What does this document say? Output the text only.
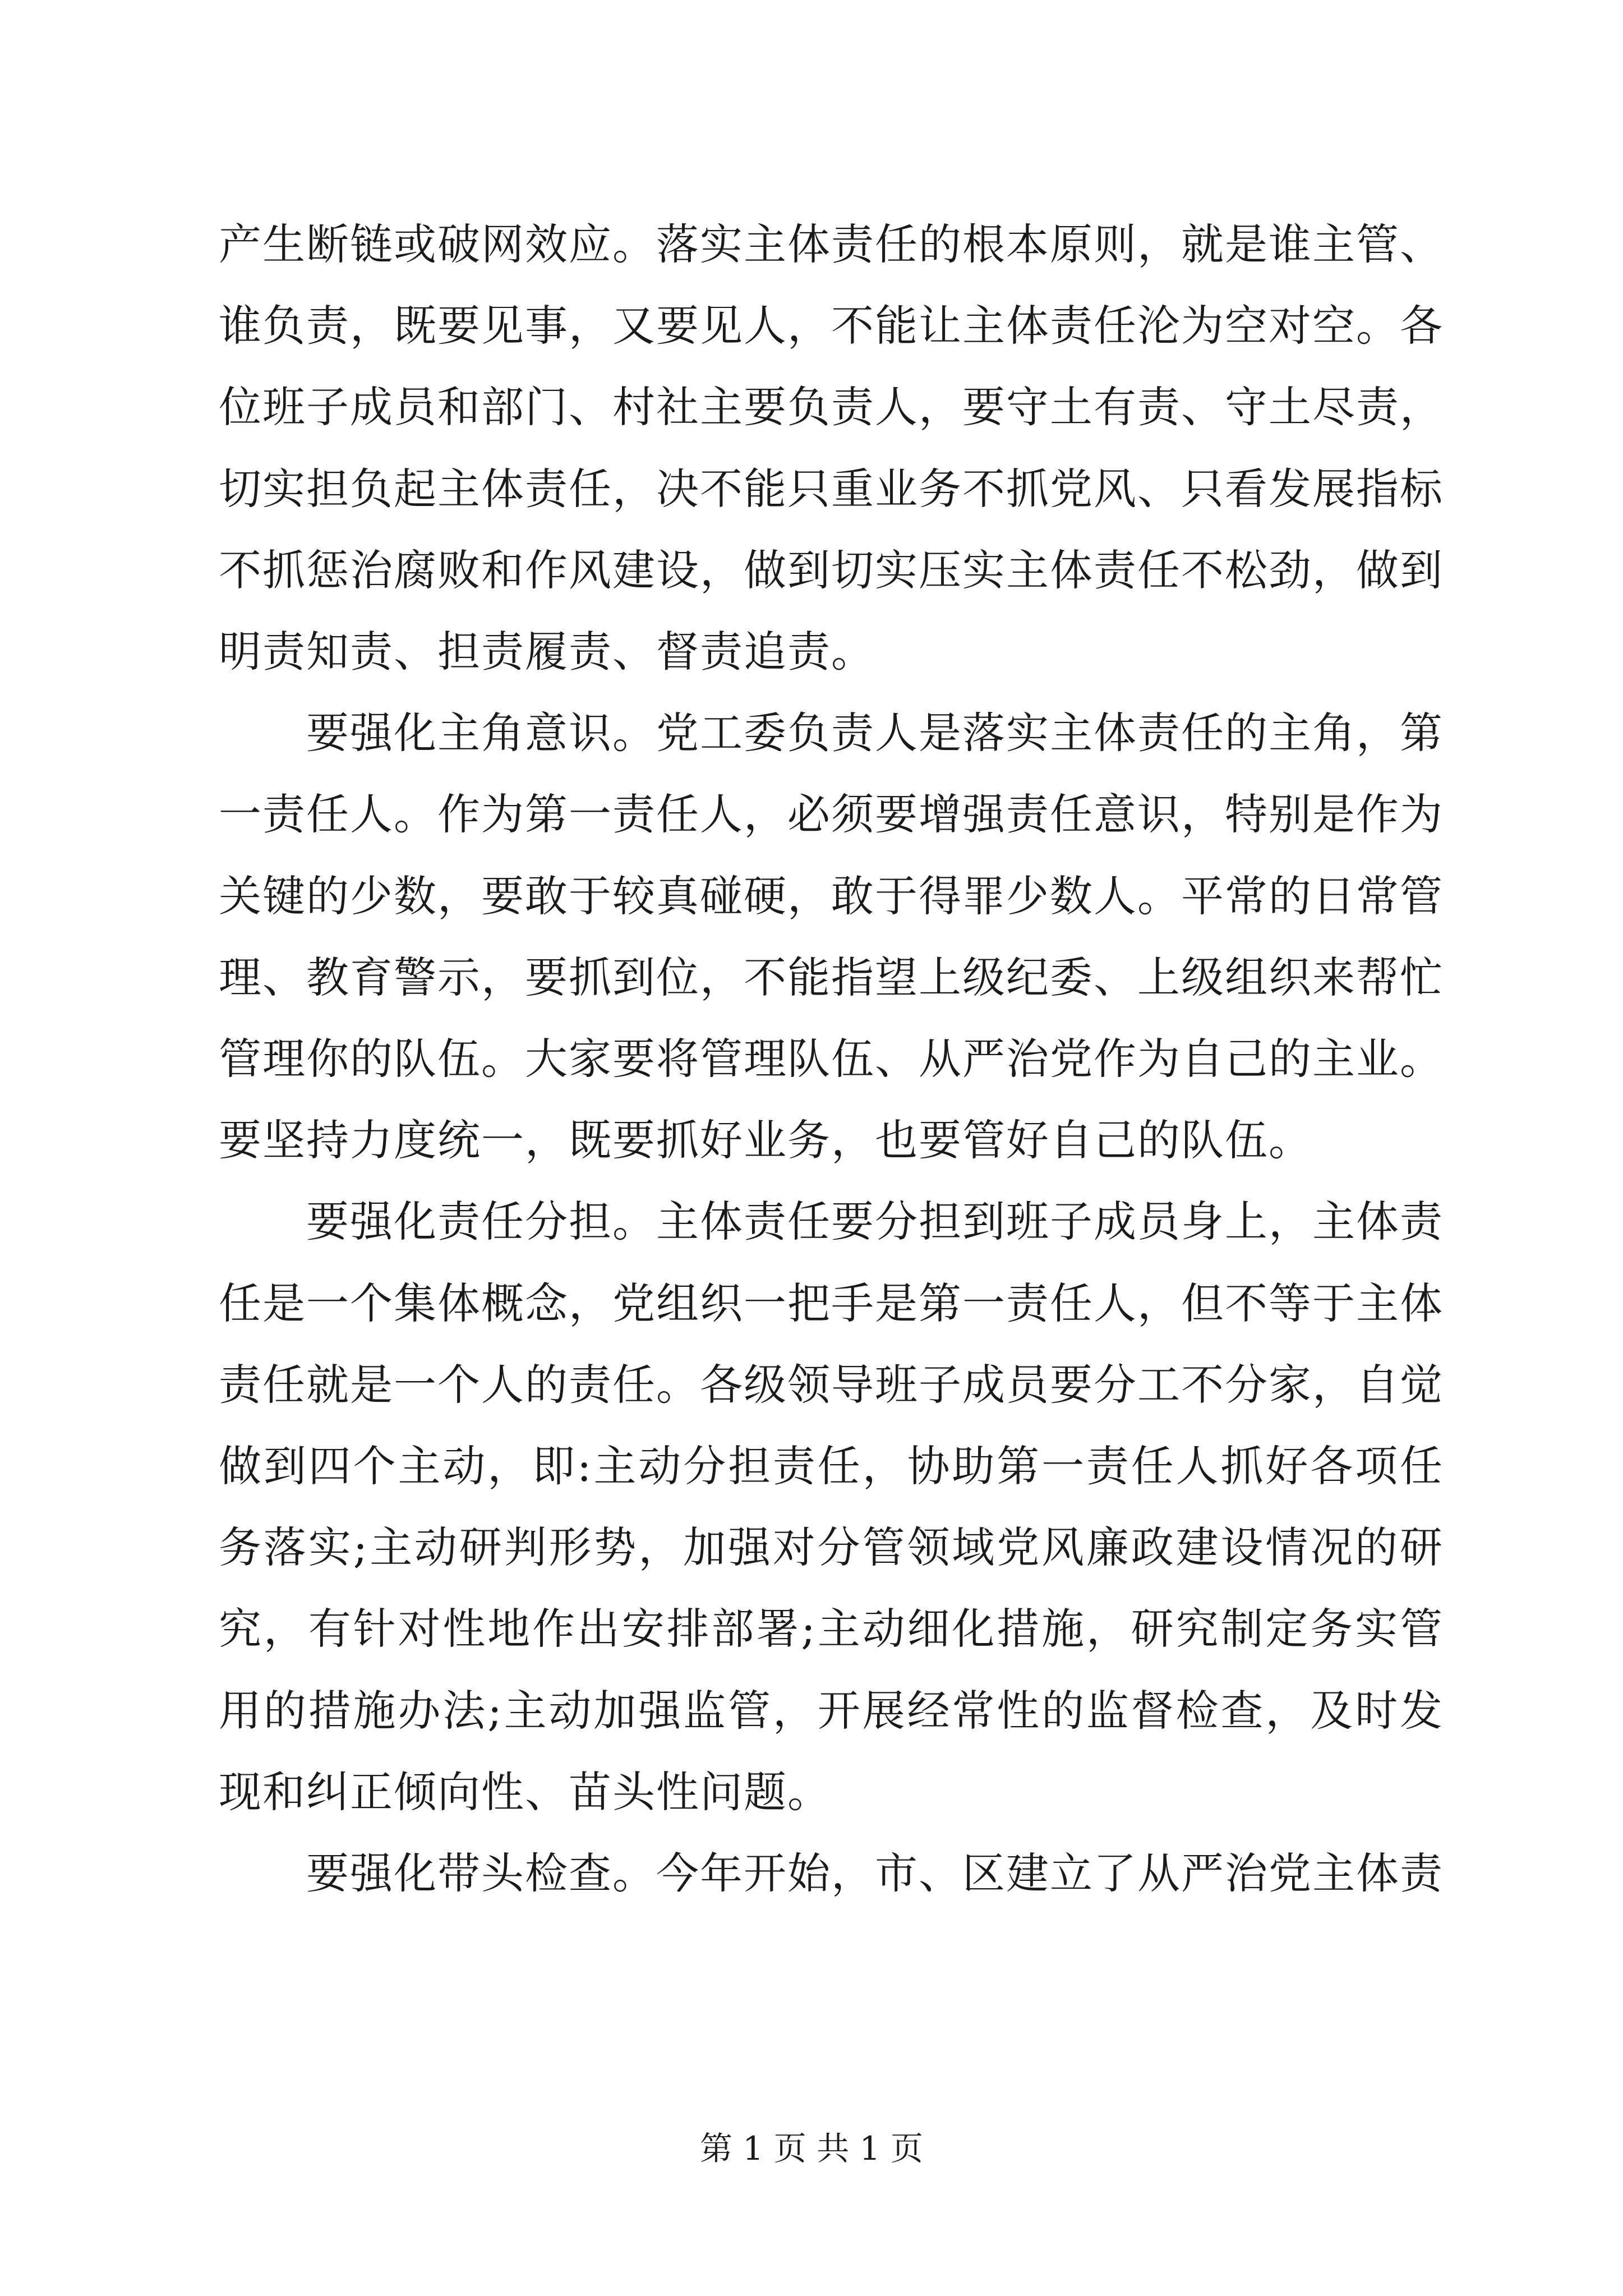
产生断链或破网效应。落实主体责任的根本原则，就是谁主管、谁负责，既要见事，又要见人，不能让主体责任沦为空对空。各位班子成员和部门、村社主要负责人，要守土有责、守土尽责，切实担负起主体责任，决不能只重业务不抓党风、只看发展指标不抓惩治腐败和作风建设，做到切实压实主体责任不松劲，做到明责知责、担责履责、督责追责。

要强化主角意识。党工委负责人是落实主体责任的主角，第一责任人。作为第一责任人，必须要增强责任意识，特别是作为关键的少数，要敢于较真碰硬，敢于得罪少数人。平常的日常管理、教育警示，要抓到位，不能指望上级纪委、上级组织来帮忙管理你的队伍。大家要将管理队伍、从严治党作为自己的主业。要坚持力度统一，既要抓好业务，也要管好自己的队伍。

要强化责任分担。主体责任要分担到班子成员身上，主体责任是一个集体概念，党组织一把手是第一责任人，但不等于主体责任就是一个人的责任。各级领导班子成员要分工不分家，自觉做到四个主动，即:主动分担责任，协助第一责任人抓好各项任务落实;主动研判形势，加强对分管领域党风廉政建设情况的研究，有针对性地作出安排部署;主动细化措施，研究制定务实管用的措施办法;主动加强监管，开展经常性的监督检查，及时发现和纠正倾向性、苗头性问题。

要强化带头检查。今年开始，市、区建立了从严治党主体责

第 1 页 共 1 页
